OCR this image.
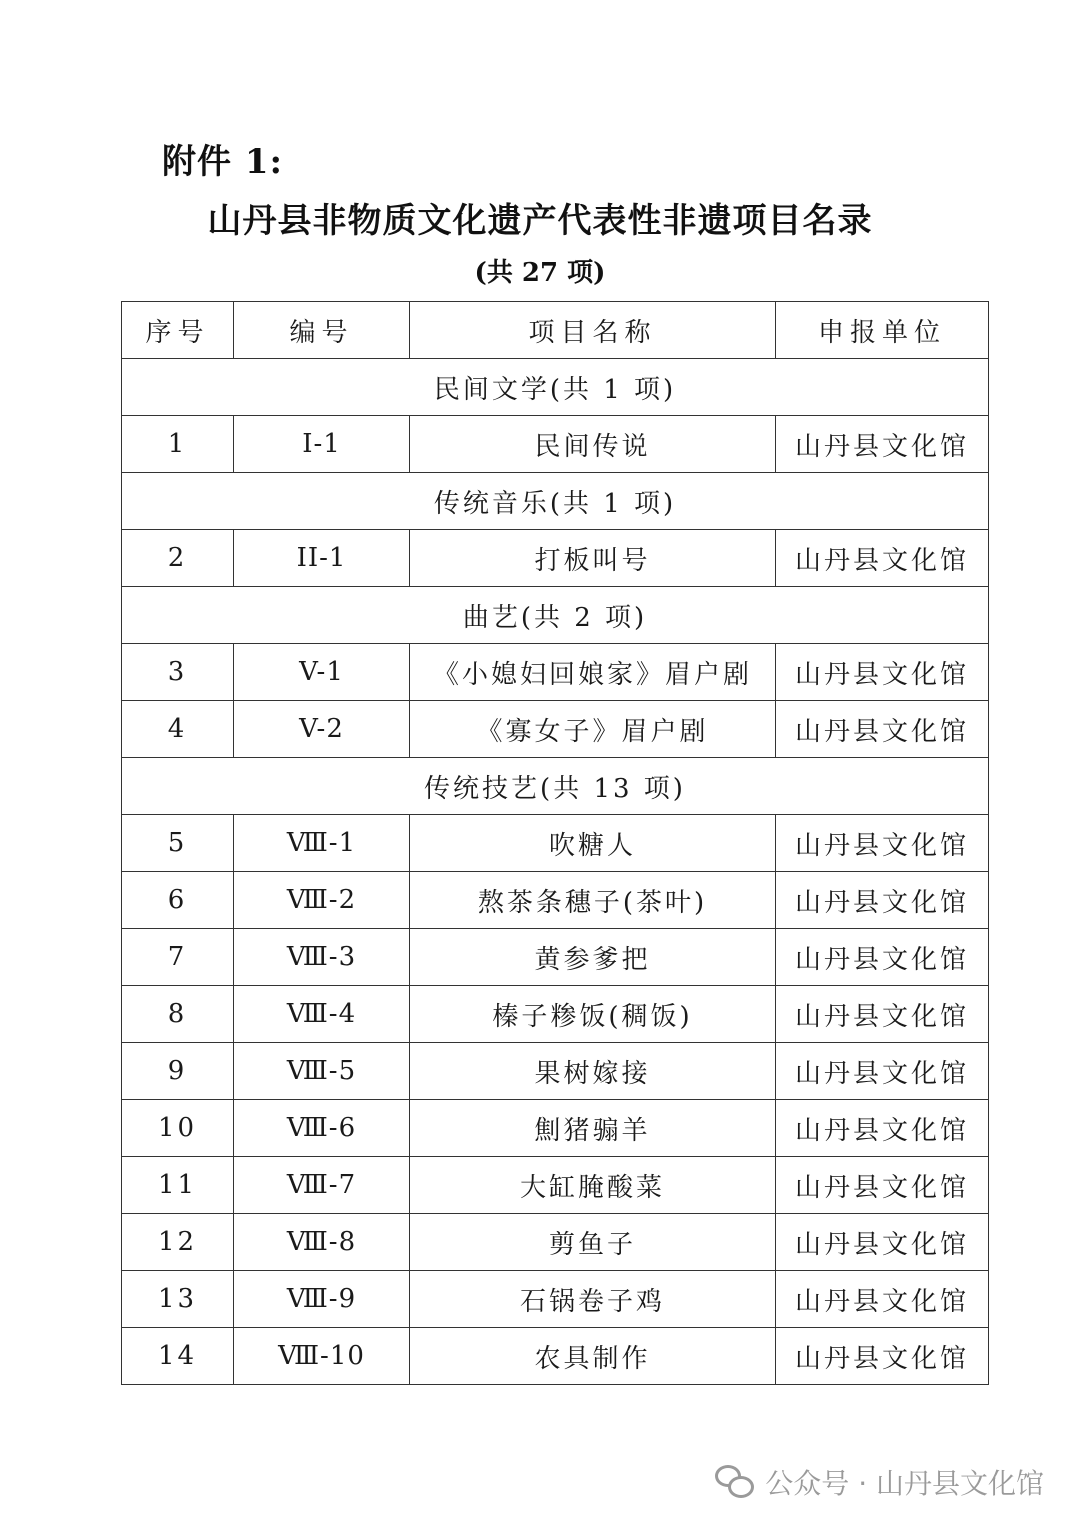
附件 1:
山丹县非物质文化遗产代表性非遗项目名录
(共 27 项)
序号	编号	项目名称	申报单位
民间文学(共 1 项)			
1	I-1	民间传说	山丹县文化馆
传统音乐(共 1 项)			
2	II-1	打板叫号	山丹县文化馆
曲艺(共 2 项)			
3	V-1	《小媳妇回娘家》眉户剧	山丹县文化馆
4	V-2	《寡女子》眉户剧	山丹县文化馆
传统技艺(共 13 项)			
5	Ⅷ-1	吹糖人	山丹县文化馆
6	Ⅷ-2	熬茶条穗子(茶叶)	山丹县文化馆
7	Ⅷ-3	黄参爹把	山丹县文化馆
8	Ⅷ-4	榛子糁饭(稠饭)	山丹县文化馆
9	Ⅷ-5	果树嫁接	山丹县文化馆
10	Ⅷ-6	劁猪骟羊	山丹县文化馆
11	Ⅷ-7	大缸腌酸菜	山丹县文化馆
12	Ⅷ-8	剪鱼子	山丹县文化馆
13	Ⅷ-9	石锅卷子鸡	山丹县文化馆
14	Ⅷ-10	农具制作	山丹县文化馆
公众号 · 山丹县文化馆
